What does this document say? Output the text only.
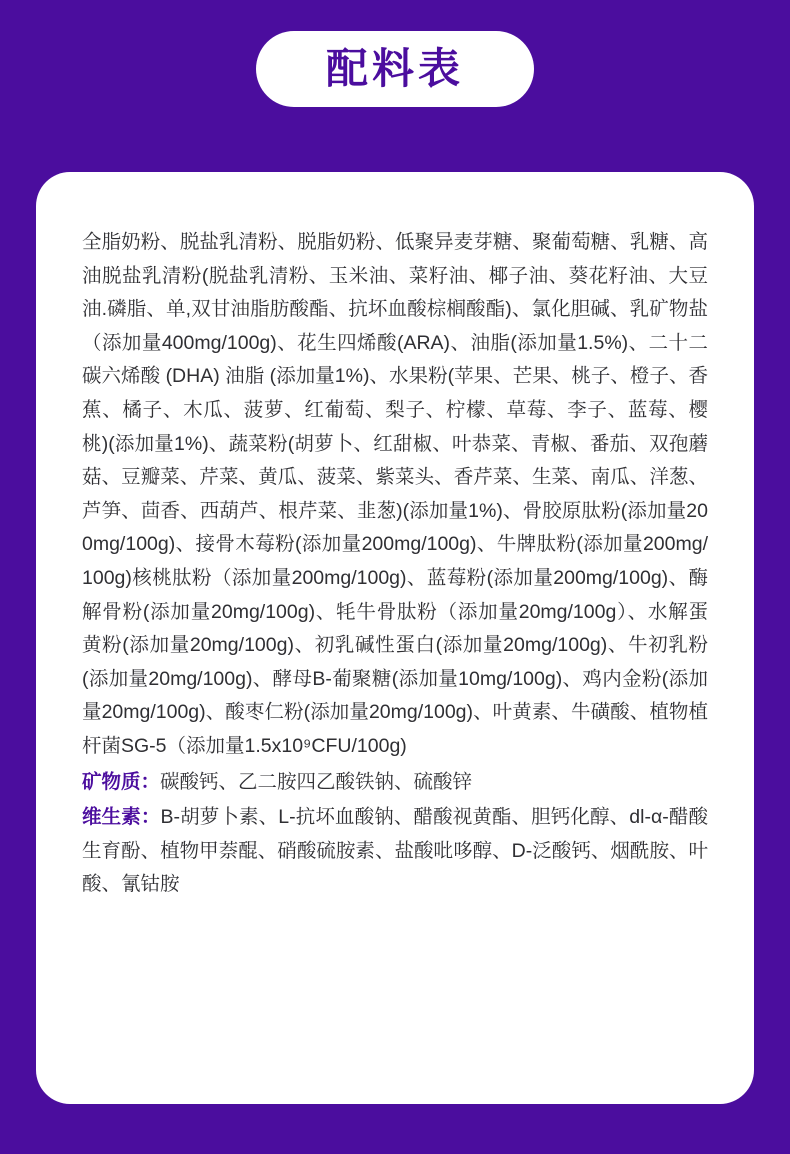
配料表

全脂奶粉、脱盐乳清粉、脱脂奶粉、低聚异麦芽糖、聚葡萄糖、乳糖、高油脱盐乳清粉(脱盐乳清粉、玉米油、菜籽油、椰子油、葵花籽油、大豆油.磷脂、单,双甘油脂肪酸酯、抗坏血酸棕榈酸酯)、氯化胆碱、乳矿物盐（添加量400mg/100g)、花生四烯酸(ARA)、油脂(添加量1.5%)、二十二碳六烯酸 (DHA) 油脂 (添加量1%)、水果粉(苹果、芒果、桃子、橙子、香蕉、橘子、木瓜、菠萝、红葡萄、梨子、柠檬、草莓、李子、蓝莓、樱桃)(添加量1%)、蔬菜粉(胡萝卜、红甜椒、叶恭菜、青椒、番茄、双孢蘑菇、豆瓣菜、芹菜、黄瓜、菠菜、紫菜头、香芹菜、生菜、南瓜、洋葱、芦笋、茴香、西葫芦、根芹菜、韭葱)(添加量1%)、骨胶原肽粉(添加量200mg/100g)、接骨木莓粉(添加量200mg/100g)、牛牌肽粉(添加量200mg/100g)核桃肽粉（添加量200mg/100g)、蓝莓粉(添加量200mg/100g)、酶解骨粉(添加量20mg/100g)、牦牛骨肽粉（添加量20mg/100g）、水解蛋黄粉(添加量20mg/100g)、初乳碱性蛋白(添加量20mg/100g)、牛初乳粉(添加量20mg/100g)、酵母B-葡聚糖(添加量10mg/100g)、鸡内金粉(添加量20mg/100g)、酸枣仁粉(添加量20mg/100g)、叶黄素、牛磺酸、植物植杆菌SG-5（添加量1.5x10⁹CFU/100g)

矿物质：碳酸钙、乙二胺四乙酸铁钠、硫酸锌

维生素：B-胡萝卜素、L-抗坏血酸钠、醋酸视黄酯、胆钙化醇、dl-α-醋酸生育酚、植物甲萘醌、硝酸硫胺素、盐酸吡哆醇、D-泛酸钙、烟酰胺、叶酸、氰钴胺
